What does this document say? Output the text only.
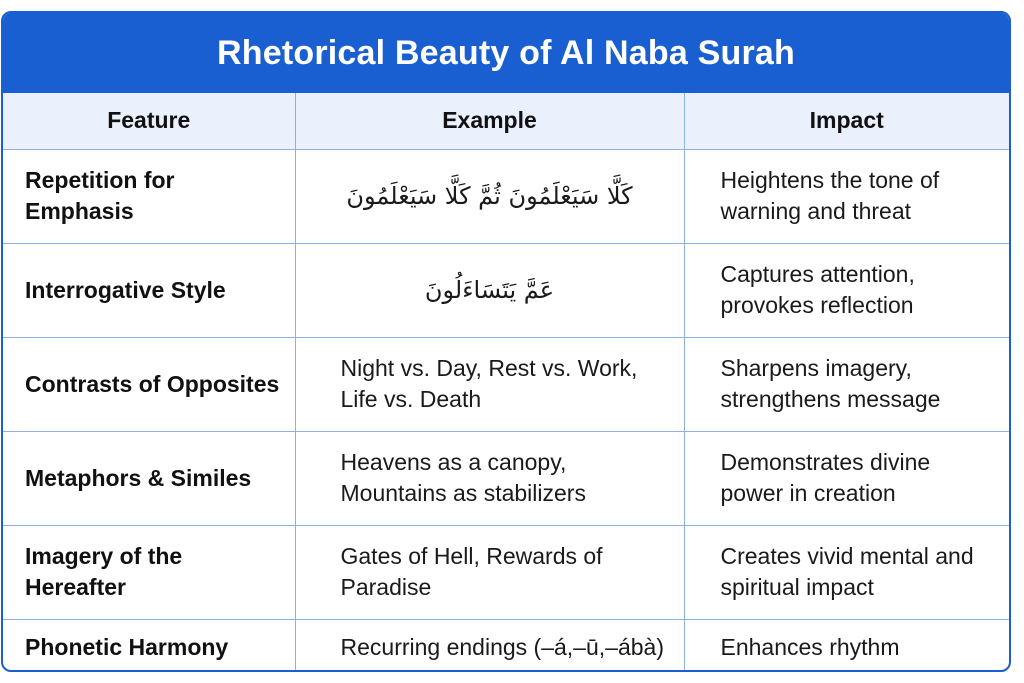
Rhetorical Beauty of Al Naba Surah
Feature	Example	Impact
Repetition for Emphasis	كَلَّا سَيَعْلَمُونَ ثُمَّ كَلَّا سَيَعْلَمُونَ	Heightens the tone of warning and threat
Interrogative Style	عَمَّ يَتَسَاءَلُونَ	Captures attention, provokes reflection
Contrasts of Opposites	Night vs. Day, Rest vs. Work, Life vs. Death	Sharpens imagery, strengthens message
Metaphors & Similes	Heavens as a canopy, Mountains as stabilizers	Demonstrates divine power in creation
Imagery of the Hereafter	Gates of Hell, Rewards of Paradise	Creates vivid mental and spiritual impact
Phonetic Harmony	Recurring endings (–á,–ū,–ábà)	Enhances rhythm
